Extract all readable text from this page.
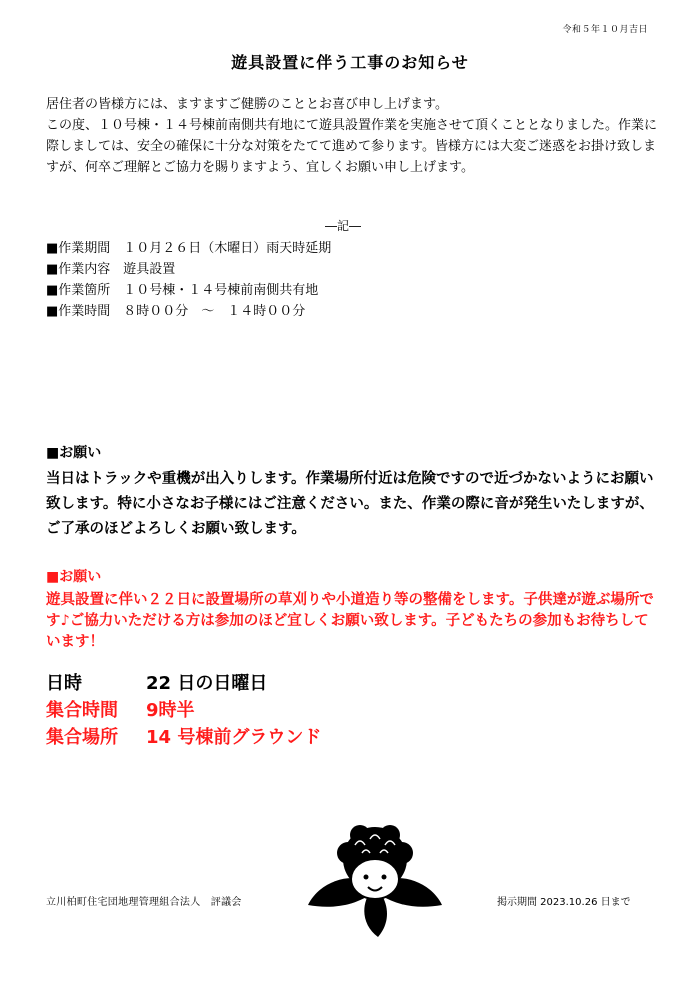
令和５年１０月吉日
遊具設置に伴う工事のお知らせ

居住者の皆様方には、ますますご健勝のこととお喜び申し上げます。

この度、１０号棟・１４号棟前南側共有地にて遊具設置作業を実施させて頂くこととなりました。作業に際しましては、安全の確保に十分な対策をたてて進めて参ります。皆様方には大変ご迷惑をお掛け致しますが、何卒ご理解とご協力を賜りますよう、宜しくお願い申し上げます。

―記―
■作業期間　１０月２６日（木曜日）雨天時延期
■作業内容　遊具設置
■作業箇所　１０号棟・１４号棟前南側共有地
■作業時間　８時００分　～　１４時００分
■お願い
当日はトラックや重機が出入りします。作業場所付近は危険ですので近づかないようにお願い致します。特に小さなお子様にはご注意ください。また、作業の際に音が発生いたしますが、ご了承のほどよろしくお願い致します。
■お願い
遊具設置に伴い２２日に設置場所の草刈りや小道造り等の整備をします。子供達が遊ぶ場所です♪ご協力いただける方は参加のほど宜しくお願い致します。子どもたちの参加もお待ちしています！
日時	22 日の日曜日
集合時間	9時半
集合場所	14 号棟前グラウンド
立川柏町住宅団地理管理組合法人　評議会	掲示期間 2023.10.26 日まで
